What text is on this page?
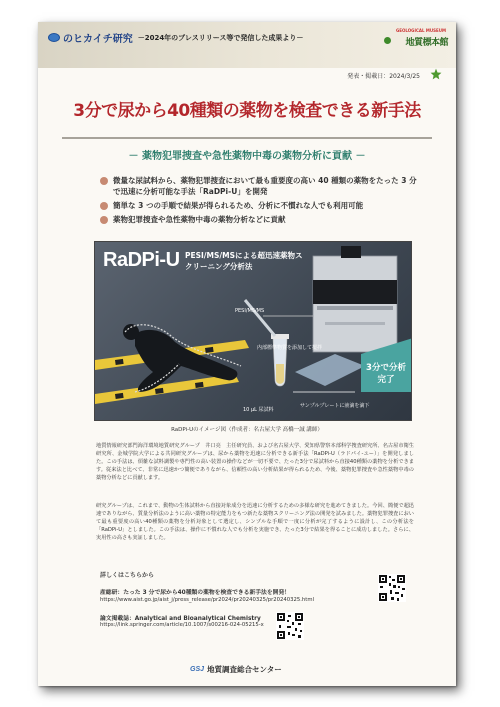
のヒカイチ研究 －2024年のプレスリリース等で発信した成果より－
GEOLOGICAL MUSEUM
地質標本館
発表・掲載日：2024/3/25
3分で尿から40種類の薬物を検査できる新手法
－ 薬物犯罪捜査や急性薬物中毒の薬物分析に貢献 －
微量な尿試料から、薬物犯罪捜査において最も重要度の高い 40 種類の薬物をたった 3 分で迅速に分析可能な手法「RaDPi-U」を開発
簡単な 3 つの手順で結果が得られるため、分析に不慣れな人でも利用可能
薬物犯罪捜査や急性薬物中毒の薬物分析などに貢献
RaDPi-U PESI/MS/MSによる超迅速薬物スクリーニング分析法
PESI/MS/MS
内部標準物質を添加して撹拌
サンプルプレートに液滴を滴下
10 μL 尿試料
3分で分析完了
RaDPi-Uのイメージ図（作成者：名古屋大学 髙橋一誠 講師）

地質情報研究部門海洋環境地質研究グループ　井口亮　主任研究員、および名古屋大学、愛知県警察本部科学捜査研究所、名古屋市衛生研究所、金城学院大学による共同研究グループは、尿から薬物を迅速に分析できる新手法「RaDPi-U（ラドパイ-ユー）」を開発しました。この手法は、煩雑な試料調製や専門性の高い装置の操作などが一切不要で、たった3分で尿試料から直接40種類の薬物を分析できます。従来法と比べて、非常に迅速かつ簡便でありながら、信頼性の高い分析結果が得られるため、今後、薬物犯罪捜査や急性薬物中毒の薬物分析などに貢献します。

研究グループは、これまで、動物の生体試料から直接対象成分を迅速に分析するための多様な研究を進めてきました。今回、簡便で超迅速でありながら、質量分析法のように高い薬物の特定能力をもつ新たな薬物スクリーニング法の開発を試みました。薬物犯罪捜査において最も重要度の高い40種類の薬物を分析対象として選定し、シンプルな手順で一度に分析が完了するように設計し、この分析法を「RaDPi-U」としました。この手法は、操作に不慣れな人でも分析を実施でき、たった3分で結果を得ることに成功しました。さらに、実用性の高さも実証しました。

詳しくはこちらから
産総研：たった 3 分で尿から40種類の薬物を検査できる新手法を開発！
https://www.aist.go.jp/aist_j/press_release/pr2024/pr20240325/pr20240325.html
論文掲載誌：Analytical and Bioanalytical Chemistry
https://link.springer.com/article/10.1007/s00216-024-05215-x
GSJ 地質調査総合センター
